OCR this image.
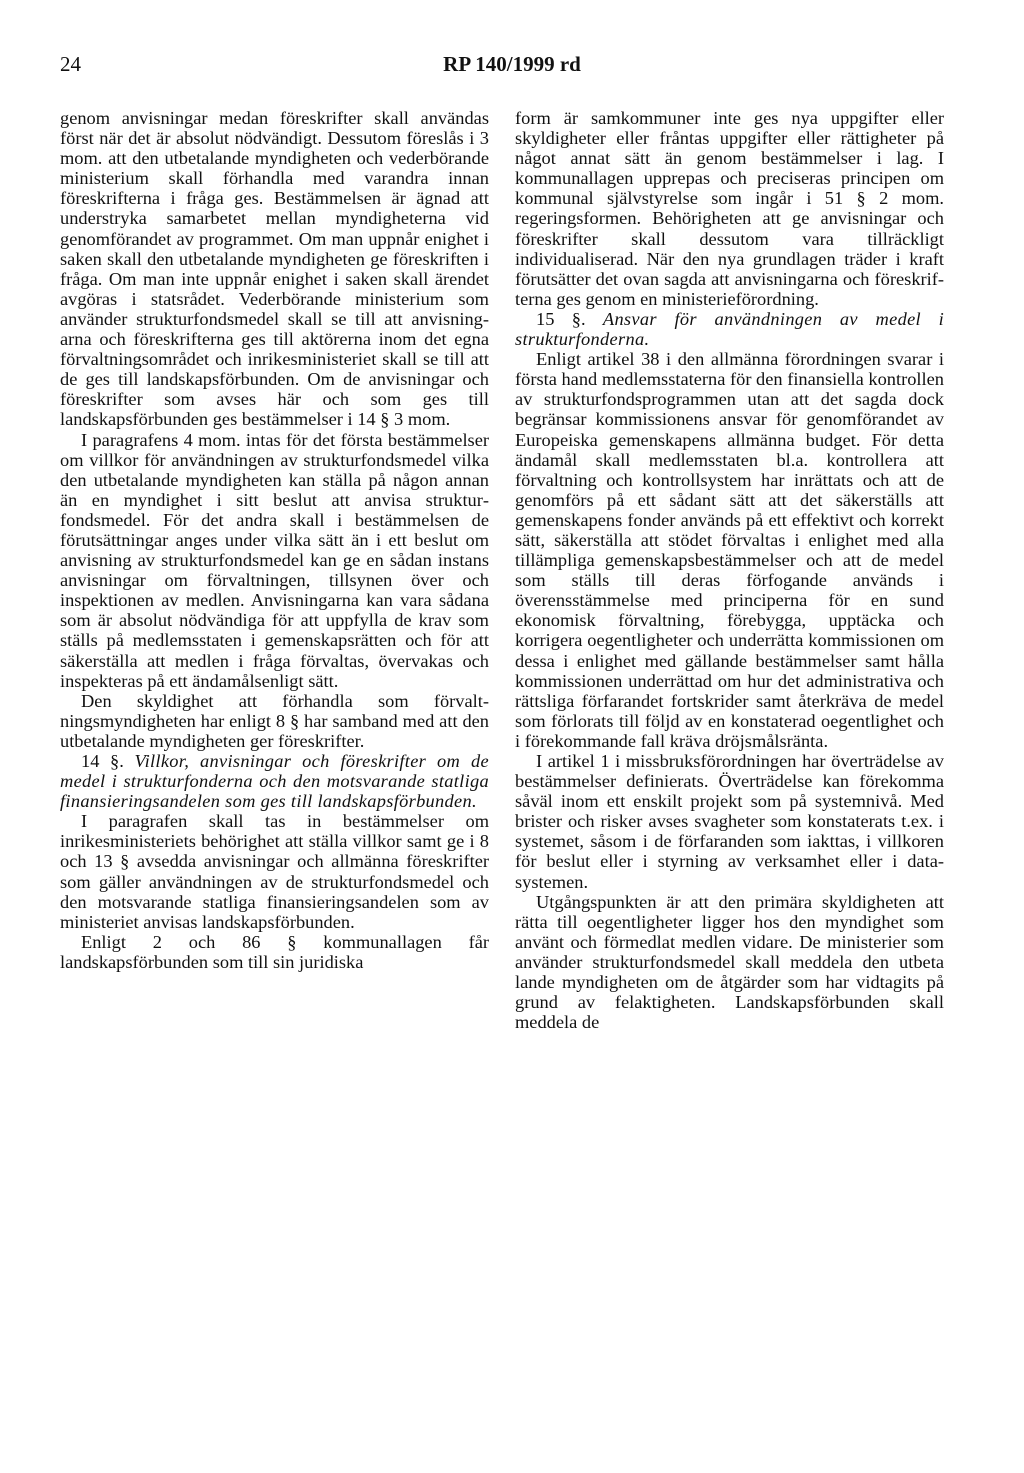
24	RP 140/1999 rd

genom anvisningar medan föreskrifter skall användas först när det är absolut nödvändigt. Dessutom föreslås i 3 mom. att den utbetalande myndigheten och vederbörande ministerium skall förhandla med varandra innan föreskrifterna i fråga ges. Bestämmelsen är ägnad att understryka samarbetet mellan myndigheterna vid genomförandet av programmet. Om man uppnår enighet i saken skall den utbetalande myndigheten ge föreskriften i fråga. Om man inte uppnår enighet i saken skall ärendet avgöras i statsrådet. Vederbörande ministerium som använder strukturfondsmedel skall se till att anvisningarna och föreskrifterna ges till aktörerna inom det egna förvaltningsområdet och inrikesministeriet skall se till att de ges till landskapsförbunden. Om de anvisningar och föreskrifter som avses här och som ges till landskapsförbunden ges bestämmelser i 14 § 3 mom.

I paragrafens 4 mom. intas för det första bestämmelser om villkor för användningen av strukturfondsmedel vilka den utbetalande myndigheten kan ställa på någon annan än en myndighet i sitt beslut att anvisa strukturfondsmedel. För det andra skall i bestämmelsen de förutsättningar anges under vilka sätt än i ett beslut om anvisning av strukturfondsmedel kan ge en sådan instans anvisningar om förvaltningen, tillsynen över och inspektionen av medlen. Anvisningarna kan vara sådana som är absolut nödvändiga för att uppfylla de krav som ställs på medlemsstaten i gemenskapsrätten och för att säkerställa att medlen i fråga förvaltas, övervakas och inspekteras på ett ändamålsenligt sätt.

Den skyldighet att förhandla som förvaltningsmyndigheten har enligt 8 § har samband med att den utbetalande myndigheten ger föreskrifter.

14 §. Villkor, anvisningar och föreskrifter om de medel i strukturfonderna och den motsvarande statliga finansieringsandelen som ges till landskapsförbunden.

I paragrafen skall tas in bestämmelser om inrikesministeriets behörighet att ställa villkor samt ge i 8 och 13 § avsedda anvisningar och allmänna föreskrifter som gäller användningen av de strukturfondsmedel och den motsvarande statliga finansieringsandelen som av ministeriet anvisas landskapsförbunden.

Enligt 2 och 86 § kommunallagen får landskapsförbunden som till sin juridiska

form är samkommuner inte ges nya uppgifter eller skyldigheter eller fråntas uppgifter eller rättigheter på något annat sätt än genom bestämmelser i lag. I kommunallagen upprepas och preciseras principen om kommunal självstyrelse som ingår i 51 § 2 mom. regeringsformen. Behörigheten att ge anvisningar och föreskrifter skall dessutom vara tillräckligt individualiserad. När den nya grundlagen träder i kraft förutsätter det ovan sagda att anvisningarna och föreskrifterna ges genom en ministerieförordning.

15 §. Ansvar för användningen av medel i strukturfonderna.

Enligt artikel 38 i den allmänna förordningen svarar i första hand medlemsstaterna för den finansiella kontrollen av strukturfondsprogrammen utan att det sagda dock begränsar kommissionens ansvar för genomförandet av Europeiska gemenskapens allmänna budget. För detta ändamål skall medlemsstaten bl.a. kontrollera att förvaltning och kontrollsystem har inrättats och att de genomförs på ett sådant sätt att det säkerställs att gemenskapens fonder används på ett effektivt och korrekt sätt, säkerställa att stödet förvaltas i enlighet med alla tillämpliga gemenskapsbestämmelser och att de medel som ställs till deras förfogande används i överensstämmelse med principerna för en sund ekonomisk förvaltning, förebygga, upptäcka och korrigera oegentligheter och underrätta kommissionen om dessa i enlighet med gällande bestämmelser samt hålla kommissionen underrättad om hur det administrativa och rättsliga förfarandet fortskrider samt återkräva de medel som förlorats till följd av en konstaterad oegentlighet och i förekommande fall kräva dröjsmålsränta.

I artikel 1 i missbruksförordningen har överträdelse av bestämmelser definierats. Överträdelse kan förekomma såväl inom ett enskilt projekt som på systemnivå. Med brister och risker avses svagheter som konstaterats t.ex. i systemet, såsom i de förfaranden som iakttas, i villkoren för beslut eller i styrning av verksamhet eller i datasystemen.

Utgångspunkten är att den primära skyldigheten att rätta till oegentligheter ligger hos den myndighet som använt och förmedlat medlen vidare. De ministerier som använder strukturfondsmedel skall meddela den utbeta lande myndigheten om de åtgärder som har vidtagits på grund av felaktigheten. Landskapsförbunden skall meddela de
